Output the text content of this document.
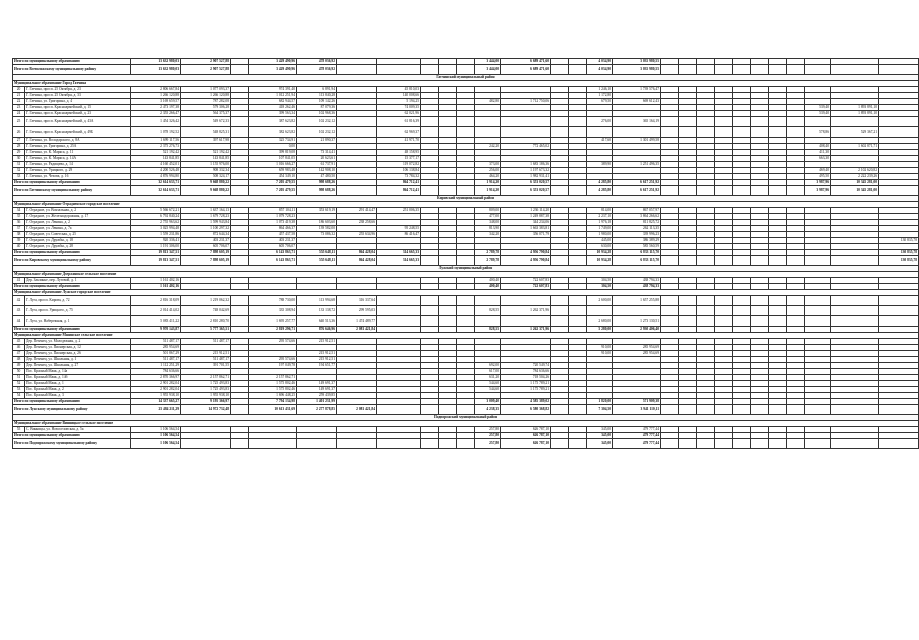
Итого по муниципальному образованию		13 632 980,03	2 907 527,88		3 429 490,96	478 036,92						3 444,00	6 689 471,60			4 034,90	3 035 980,55											
Итого по Всеволожскому муниципальному району		13 632 980,03	2 907 527,88		3 429 490,96	478 036,92						3 444,00	6 689 471,60			4 034,90	3 035 980,55											
Гатчинский муниципальный район																												
Муниципальное образование Город Гатчина																												
20	Г. Гатчина, просп. 25 Октября, д. 23	2 806 667,84	1 077 093,37		974 391,40	6 891,94		45 810,03								1 246,10	1 739 576,47											
21	Г. Гатчина, просп. 25 Октября, д. 33	1 266 120,88	1 266 120,88		1 012 251,94	113 840,28		140 008,66								1 172,80												
22	Г. Гатчина, ул. Григорина, д. 4	3 169 659,57	787 282,08		682 944,57	109 142,26		5 194,25				482,80	1 712 750,06			679,50	669 612,43											
23	Г. Гатчина, просп. Красноармейский, д. 15	2 473 197,38	579 306,28		418 262,46	87 079,36		74 009,35																		539,40	1 893 891,10	
24	Г. Гатчина, просп. Красноармейский, д. 23	2 355 266,47	564 375,37		399 563,34	102 968,36		62 021,96																		539,40	1 893 891,10	
25	Г. Гатчина, просп. Красноармейский, д. 43А	1 454 326,42	549 672,33		387 623,82	102 232,12		61 816,39								276,00	365 164,19											
26	Г. Гатчина, просп. Красноармейский, д. 49Б	1 078 192,52	548 825,31		382 623,82	102 232,12		62 969,37																		578,86	529 367,21	
27	Г. Гатчина, ул. Володарского, д. 8А	1 699 117,56	397 617,98		325 734,91	21 890,37		41 971,70								417,60	1 301 499,58											
28	Г. Гатчина, ул. Григорина, д. 25А	2 375 276,73			0,00							242,20	772 465,02													408,40	1 602 871,71	
29	Г. Гатчина, ул. К. Маркса, д. 11	521 192,42	521 192,42		399 819,08	73 314,41		48 158,95																		411,30		
30	Г. Гатчина, ул. К. Маркса, д. 14А	143 841,85	143 841,85		107 841,05	20 623,61		15 377,17																		663,30		
31	Г. Гатчина, ул. Радищева, д. 14	4 160 452,01	1 155 976,00		1 016 666,27	61 737,91		119 072,82				373,00	1 683 186,36			389,90	1 251 496,35											
32	Г. Гатчина, ул. Урицкого, д. 29	4 200 526,48	908 332,34		659 983,48	142 908,10		106 138,84				256,00	1 197 673,32													469,40	2 102 620,82	
33	Г. Гатчина, ул. Чехова, д. 16	4 876 994,80	508 324,17		454 349,10	47 480,50		73 784,32				464,20	1 982 931,41													495,50	2 222 239,26	
Итого по муниципальному образованию		32 614 633,71	9 668 880,22		7 205 479,55	998 688,26		864 712,41				1 914,20	6 353 020,57			4 285,80	6 617 251,92									3 987,96	10 345 281,00	
Итого по Гатчинскому муниципальному району		32 614 633,71	9 668 880,22		7 205 479,55	998 688,26		864 712,41				1 914,20	6 353 020,57			4 285,80	6 617 251,92									3 987,96	10 345 281,00	
Кировский муниципальный район																												
Муниципальное образование Отрадненское городское поселение																												
34	Г. Отрадное, ул. Вокзальная, д. 2	5 566 672,21	1 637 164,13		857 104,11	353 619,19	291 414,47	251 006,35				809,00	1 236 114,20			814,00	867 057,97											
35	Г. Отрадное, ул. Железнодорожная, д. 17	6 792 840,24	1 679 728,23		1 079 728,23							477,00	1 249 887,38			2 237,10	3 864 266,62											
36	Г. Отрадное, ул. Ленина, д. 2	2 755 963,62	1 599 943,84		1 073 419,38	186 603,60	238 258,66					348,00	344 234,06			1 976,18	811 825,72											
37	Г. Отрадное, ул. Ленина, д. 7а	3 025 994,48	1 100 297,32		864 466,37	139 582,00		95 248,55				813,90	1 663 383,81			1 749,00	262 113,35											
38	Г. Отрадное, ул. Советская, д. 25	1 559 231,86	872 644,34		457 437,58	73 086,32	255 634,96	86 416,47				342,20	356 071,79			1 980,00	339 996,23											
39	Г. Отрадное, ул. Дружбы, д. 18	920 336,41	403 231,37		403 231,37											445,00	386 389,29											130 835,78
40	Г. Отрадное, ул. Дружбы, д. 28	1 191 306,00	605 706,07		605 706,07											630,00	585 560,59											
Итого по муниципальному образованию		19 813 347,51	7 898 605,19		6 143 863,71	555 648,11	864 428,04	314 665,33				2 789,78	4 956 790,84			10 934,28	6 833 115,70											130 835,78
Итого по Кировскому муниципальному району		19 813 347,51	7 898 605,19		6 143 863,71	555 648,11	864 428,04	314 665,33				2 789,78	4 956 790,84			10 934,28	6 833 115,70											130 835,78
Лужский муниципальный район																												
Муниципальное образование Дзержинское сельское поселение																												
41	Дер. Заклинье, пер. Луговой, д. 1	1 161 402,16										400,40	722 607,83			304,50	438 794,33											
Итого по муниципальному образованию		1 161 402,16										400,40	722 607,83			304,50	438 794,33											
Муниципальное образование Лужское городское поселение																												
42	Г. Луга, просп. Кирова, д. 72	2 816 318,09	1 219 062,32		788 730,00	113 994,68	316 337,64									2 600,00	1 657 255,88											
43	Г. Луга, просп. Урицкого, д. 75	2 014 414,02	748 042,69		335 308,94	133 138,72	299 595,03					828,55	1 262 371,96															
44	Г. Луга, ул. Набережная, д. 1	5 083 411,22	2 810 280,70		1 695 257,77	640 513,36	1 474 489,77									2 680,00	1 273 130,51											
Итого по муниципальному образованию		9 970 143,87	5 777 365,51		2 819 296,71	876 646,96	2 081 421,84					828,55	1 262 371,96			5 280,00	2 930 406,40											
Муниципальное образование Мшинское сельское поселение																												
45	Дер. Пехенец, ул. Молодежная, д. 2	511 487,17	511 487,17		295 574,66	215 912,51																						
46	Дер. Пехенец, ул. Пионерская, д. 12	285 954,69														910,00	285 954,69											
47	Дер. Пехенец, ул. Пионерская, д. 26	501 867,29	215 912,51			215 912,51										910,00	285 954,69											
48	Дер. Пехенец, ул. Школьная, д. 1	511 487,17	511 487,17		295 574,66	215 912,51																						
49	Дер. Пехенец, ул. Школьная, д. 27	1 112 251,29	391 701,55		197 049,78	194 651,77						692,00	720 549,74															
50	Пос. Красный Маяк, д. 14а	784 636,66										617,00	784 636,66															
51	Пос. Красный Маяк, д. 14б	2 870 366,97	2 157 862,71		2 157 862,71							631,20	718 504,26															
52	Пос. Красный Маяк, д. 1	2 901 282,04	1 725 493,83		1 575 802,46	149 691,37						544,60	1 175 789,21															
53	Пос. Красный Маяк, д. 2	2 901 282,04	1 725 493,83		1 575 802,46	149 691,37						544,60	1 175 789,21															
54	Пос. Красный Маяк, д. 3	1 955 938,10	1 955 938,10		1 696 448,25	259 439,85																						
Итого по муниципальному образованию		14 337 665,27	9 195 366,97		7 794 134,98	1 401 231,99						3 009,40	4 585 389,02			1 820,00	571 909,38											
Итого по Лужскому муниципальному району		25 484 211,29	14 972 732,48		10 613 431,69	2 277 878,85	2 081 421,84					4 238,35	6 580 368,82			7 304,50	3 941 110,11											
Подпорожский муниципальный район																												
Муниципальное образование Винницкое сельское поселение																												
55	С. Винницы, ул. Новоселовская, д. 5а	1 106 564,54										257,80	626 787,10			345,00	479 777,44											
Итого по муниципальному образованию		1 106 564,54										257,80	626 787,10			345,00	479 777,44											
Итого по Подпорожскому муниципальному району		1 106 564,54										257,80	626 787,10			345,00	479 777,44											
